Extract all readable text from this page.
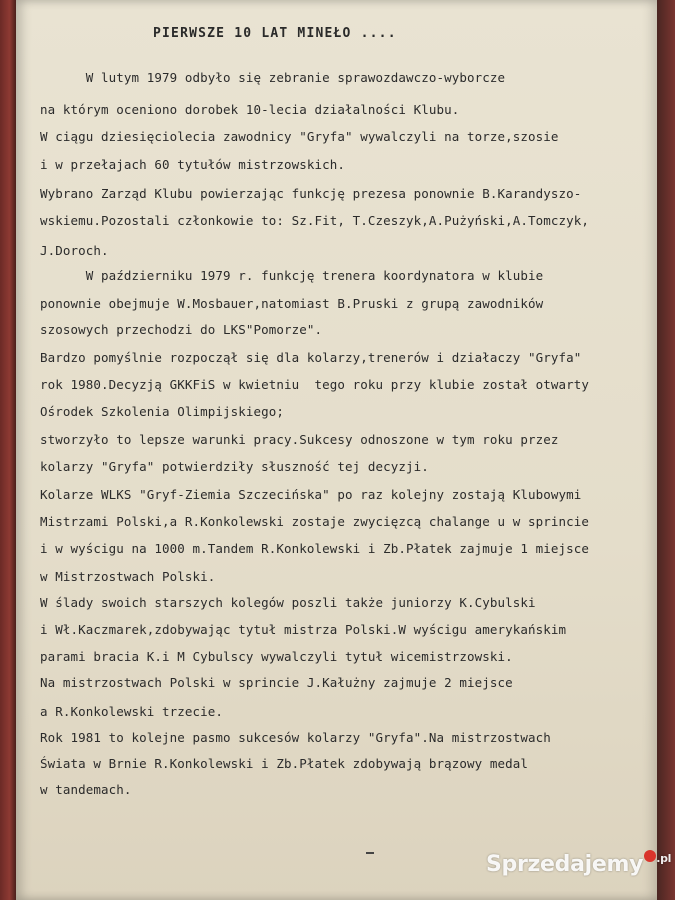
PIERWSZE 10 LAT MINEŁO ....
W lutym 1979 odbyło się zebranie sprawozdawczo-wyborcze
na którym oceniono dorobek 10-lecia działalności Klubu.
W ciągu dziesięciolecia zawodnicy "Gryfa" wywalczyli na torze,szosie
i w przełajach 60 tytułów mistrzowskich.
Wybrano Zarząd Klubu powierzając funkcję prezesa ponownie B.Karandyszo-
wskiemu.Pozostali członkowie to: Sz.Fit, T.Czeszyk,A.Pużyński,A.Tomczyk,
J.Doroch.
W październiku 1979 r. funkcję trenera koordynatora w klubie
ponownie obejmuje W.Mosbauer,natomiast B.Pruski z grupą zawodników
szosowych przechodzi do LKS"Pomorze".
Bardzo pomyślnie rozpoczął się dla kolarzy,trenerów i działaczy "Gryfa"
rok 1980.Decyzją GKKFiS w kwietniu  tego roku przy klubie został otwarty
Ośrodek Szkolenia Olimpijskiego;
stworzyło to lepsze warunki pracy.Sukcesy odnoszone w tym roku przez
kolarzy "Gryfa" potwierdziły słuszność tej decyzji.
Kolarze WLKS "Gryf-Ziemia Szczecińska" po raz kolejny zostają Klubowymi
Mistrzami Polski,a R.Konkolewski zostaje zwycięzcą chalange u w sprincie
i w wyścigu na 1000 m.Tandem R.Konkolewski i Zb.Płatek zajmuje 1 miejsce
w Mistrzostwach Polski.
W ślady swoich starszych kolegów poszli także juniorzy K.Cybulski
i Wł.Kaczmarek,zdobywając tytuł mistrza Polski.W wyścigu amerykańskim
parami bracia K.i M Cybulscy wywalczyli tytuł wicemistrzowski.
Na mistrzostwach Polski w sprincie J.Kałużny zajmuje 2 miejsce
a R.Konkolewski trzecie.
Rok 1981 to kolejne pasmo sukcesów kolarzy "Gryfa".Na mistrzostwach
Świata w Brnie R.Konkolewski i Zb.Płatek zdobywają brązowy medal
w tandemach.
Sprzedajemy $^{.pl}$
